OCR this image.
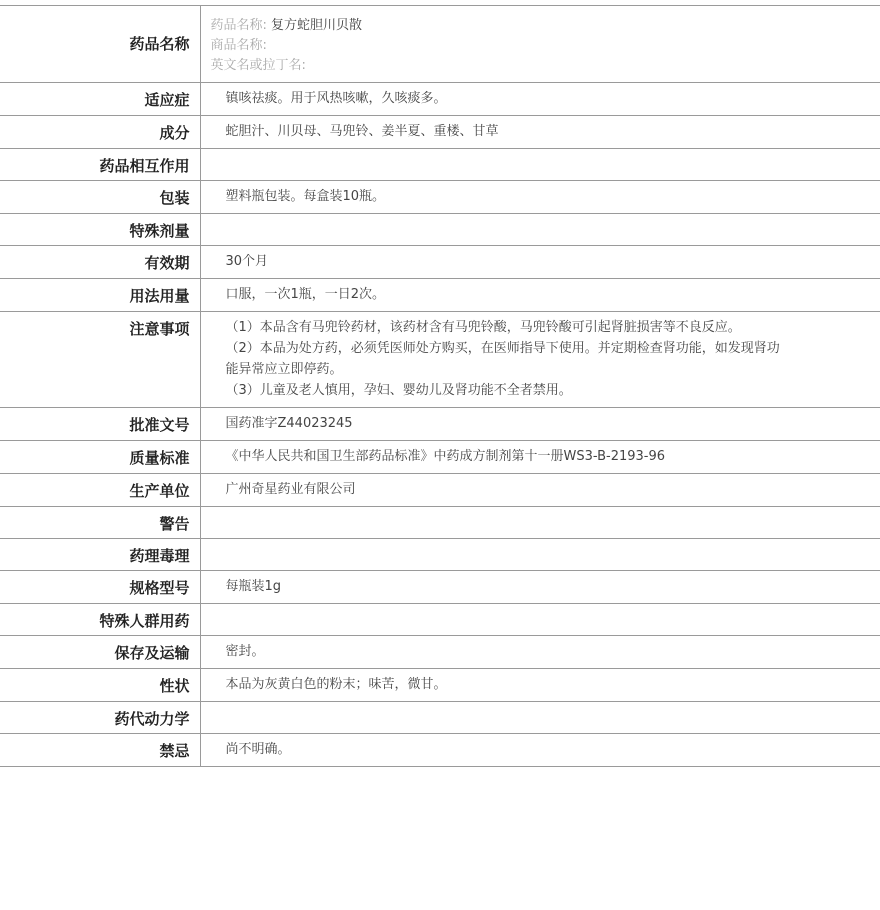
药品名称	药品名称: 复方蛇胆川贝散
商品名称:
英文名或拉丁名:

适应症	镇咳祛痰。用于风热咳嗽，久咳痰多。
成分	蛇胆汁、川贝母、马兜铃、姜半夏、重楼、甘草
药品相互作用	
包装	塑料瓶包装。每盒装10瓶。
特殊剂量	
有效期	30个月
用法用量	口服，一次1瓶，一日2次。
注意事项	（1）本品含有马兜铃药材，该药材含有马兜铃酸，马兜铃酸可引起肾脏损害等不良反应。
（2）本品为处方药，必须凭医师处方购买，在医师指导下使用。并定期检查肾功能，如发现肾功能异常应立即停药。
（3）儿童及老人慎用，孕妇、婴幼儿及肾功能不全者禁用。

批准文号	国药准字Z44023245
质量标准	《中华人民共和国卫生部药品标准》中药成方制剂第十一册WS3-B-2193-96
生产单位	广州奇星药业有限公司
警告	
药理毒理	
规格型号	每瓶装1g
特殊人群用药	
保存及运输	密封。
性状	本品为灰黄白色的粉末；味苦，微甘。
药代动力学	
禁忌	尚不明确。
